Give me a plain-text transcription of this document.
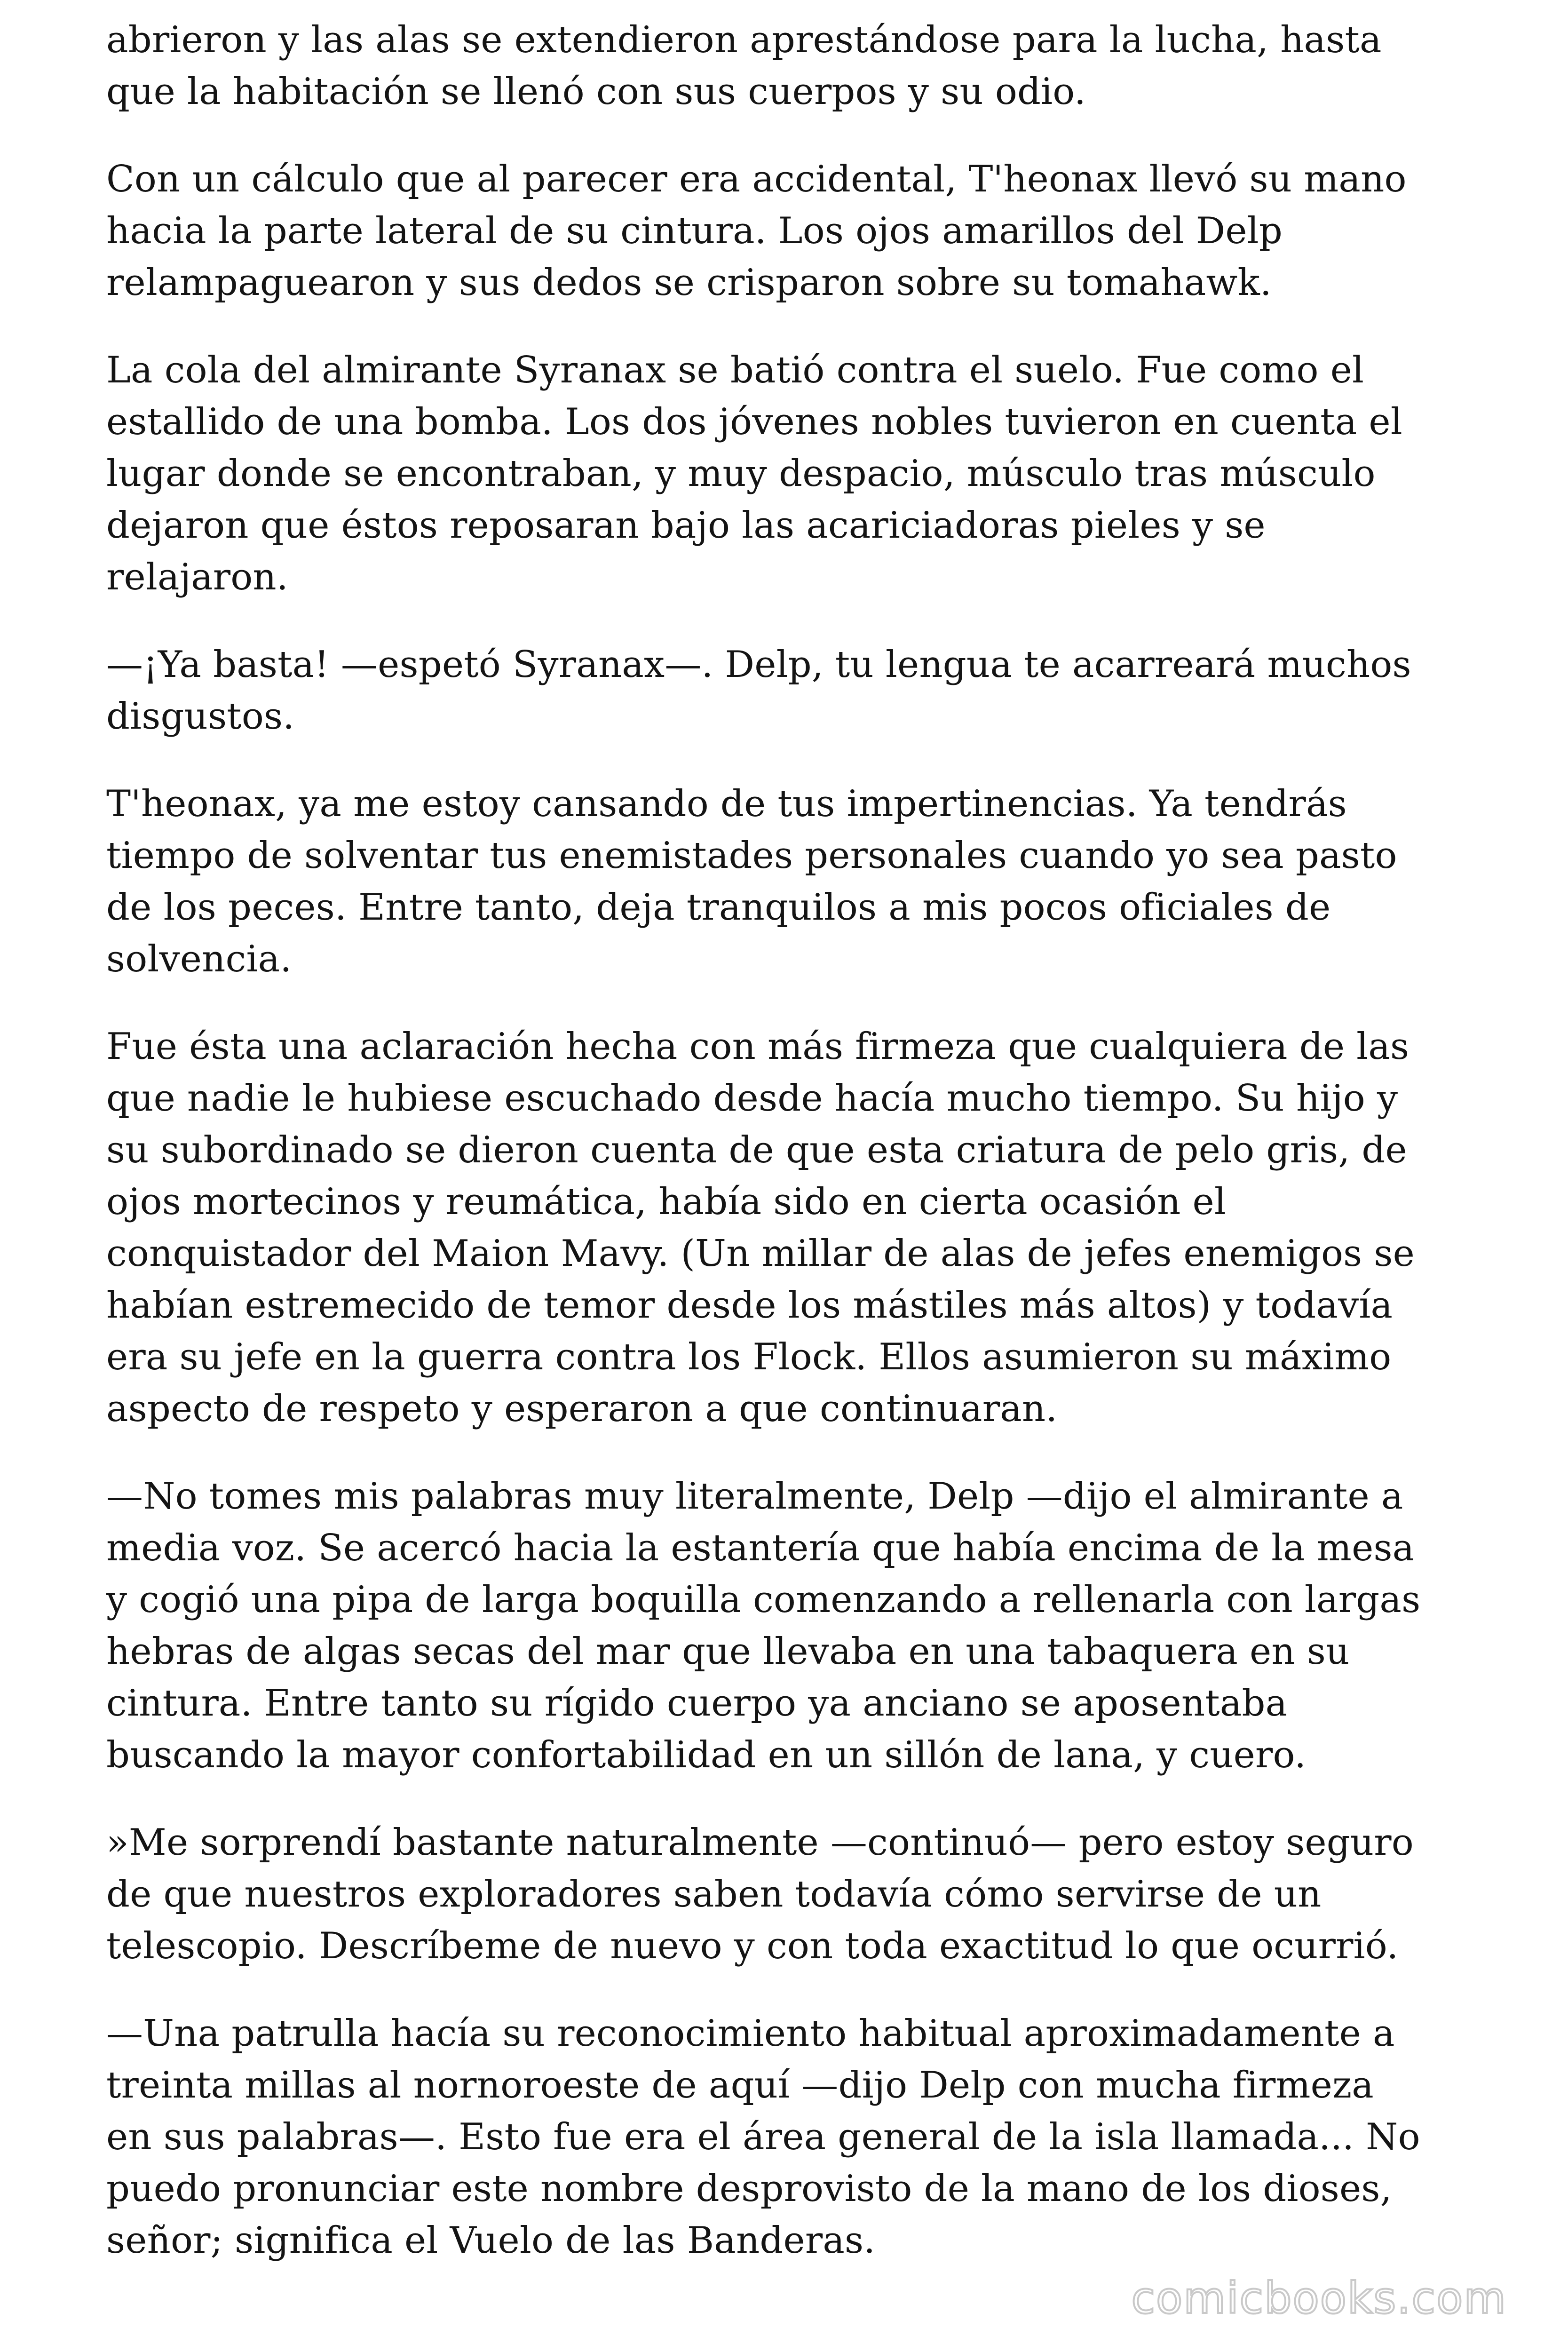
abrieron y las alas se extendieron aprestándose para la lucha, hasta
que la habitación se llenó con sus cuerpos y su odio.

Con un cálculo que al parecer era accidental, T'heonax llevó su mano
hacia la parte lateral de su cintura. Los ojos amarillos del Delp
relampaguearon y sus dedos se crisparon sobre su tomahawk.

La cola del almirante Syranax se batió contra el suelo. Fue como el
estallido de una bomba. Los dos jóvenes nobles tuvieron en cuenta el
lugar donde se encontraban, y muy despacio, músculo tras músculo
dejaron que éstos reposaran bajo las acariciadoras pieles y se
relajaron.

—¡Ya basta! —espetó Syranax—. Delp, tu lengua te acarreará muchos
disgustos.

T'heonax, ya me estoy cansando de tus impertinencias. Ya tendrás
tiempo de solventar tus enemistades personales cuando yo sea pasto
de los peces. Entre tanto, deja tranquilos a mis pocos oficiales de
solvencia.

Fue ésta una aclaración hecha con más firmeza que cualquiera de las
que nadie le hubiese escuchado desde hacía mucho tiempo. Su hijo y
su subordinado se dieron cuenta de que esta criatura de pelo gris, de
ojos mortecinos y reumática, había sido en cierta ocasión el
conquistador del Maion Mavy. (Un millar de alas de jefes enemigos se
habían estremecido de temor desde los mástiles más altos) y todavía
era su jefe en la guerra contra los Flock. Ellos asumieron su máximo
aspecto de respeto y esperaron a que continuaran.

—No tomes mis palabras muy literalmente, Delp —dijo el almirante a
media voz. Se acercó hacia la estantería que había encima de la mesa
y cogió una pipa de larga boquilla comenzando a rellenarla con largas
hebras de algas secas del mar que llevaba en una tabaquera en su
cintura. Entre tanto su rígido cuerpo ya anciano se aposentaba
buscando la mayor confortabilidad en un sillón de lana, y cuero.

»Me sorprendí bastante naturalmente —continuó— pero estoy seguro
de que nuestros exploradores saben todavía cómo servirse de un
telescopio. Descríbeme de nuevo y con toda exactitud lo que ocurrió.

—Una patrulla hacía su reconocimiento habitual aproximadamente a
treinta millas al nornoroeste de aquí —dijo Delp con mucha firmeza
en sus palabras—. Esto fue era el área general de la isla llamada... No
puedo pronunciar este nombre desprovisto de la mano de los dioses,
señor; significa el Vuelo de las Banderas.

comicbooks.com
